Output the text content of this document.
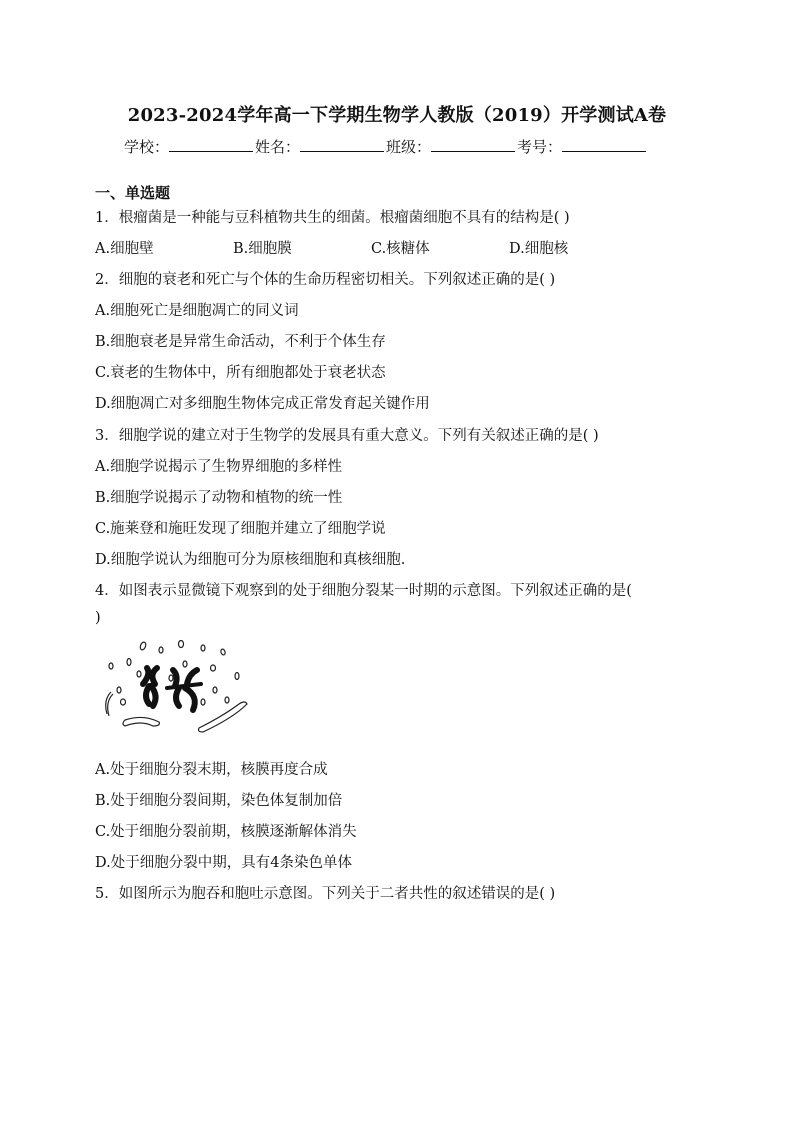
2023-2024学年高一下学期生物学人教版（2019）开学测试A卷
学校：	姓名：	班级：	考号：
一、单选题
1．根瘤菌是一种能与豆科植物共生的细菌。根瘤菌细胞不具有的结构是( )
A.细胞壁	B.细胞膜	C.核糖体	D.细胞核
2．细胞的衰老和死亡与个体的生命历程密切相关。下列叙述正确的是( )
A.细胞死亡是细胞凋亡的同义词
B.细胞衰老是异常生命活动，不利于个体生存
C.衰老的生物体中，所有细胞都处于衰老状态
D.细胞凋亡对多细胞生物体完成正常发育起关键作用
3．细胞学说的建立对于生物学的发展具有重大意义。下列有关叙述正确的是( )
A.细胞学说揭示了生物界细胞的多样性
B.细胞学说揭示了动物和植物的统一性
C.施莱登和施旺发现了细胞并建立了细胞学说
D.细胞学说认为细胞可分为原核细胞和真核细胞.
4．如图表示显微镜下观察到的处于细胞分裂某一时期的示意图。下列叙述正确的是(
)
A.处于细胞分裂末期，核膜再度合成
B.处于细胞分裂间期，染色体复制加倍
C.处于细胞分裂前期，核膜逐渐解体消失
D.处于细胞分裂中期，具有4条染色单体
5．如图所示为胞吞和胞吐示意图。下列关于二者共性的叙述错误的是( )
